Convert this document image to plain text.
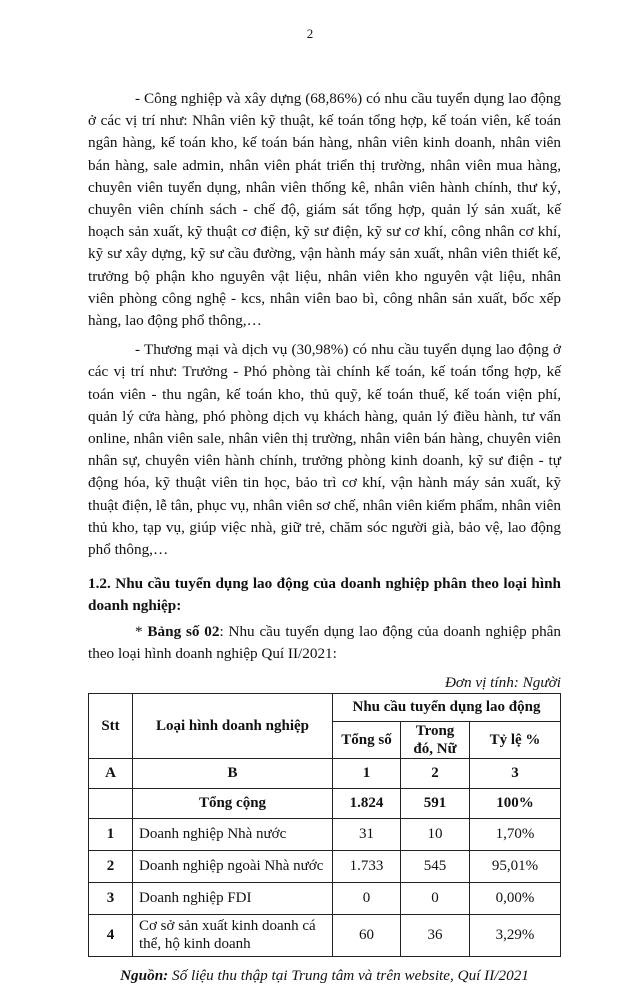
2

- Công nghiệp và xây dựng (68,86%) có nhu cầu tuyển dụng lao động ở các vị trí như: Nhân viên kỹ thuật, kế toán tổng hợp, kế toán viên, kế toán ngân hàng, kế toán kho, kế toán bán hàng, nhân viên kinh doanh, nhân viên bán hàng, sale admin, nhân viên phát triển thị trường, nhân viên mua hàng, chuyên viên tuyển dụng, nhân viên thống kê, nhân viên hành chính, thư ký, chuyên viên chính sách - chế độ, giám sát tổng hợp, quản lý sản xuất, kế hoạch sản xuất, kỹ thuật cơ điện, kỹ sư điện, kỹ sư cơ khí, công nhân cơ khí, kỹ sư xây dựng, kỹ sư cầu đường, vận hành máy sản xuất, nhân viên thiết kế, trưởng bộ phận kho nguyên vật liệu, nhân viên kho nguyên vật liệu, nhân viên phòng công nghệ - kcs, nhân viên bao bì, công nhân sản xuất, bốc xếp hàng, lao động phổ thông,…

- Thương mại và dịch vụ (30,98%) có nhu cầu tuyển dụng lao động ở các vị trí như: Trưởng - Phó phòng tài chính kế toán, kế toán tổng hợp, kế toán viên - thu ngân, kế toán kho, thủ quỹ, kế toán thuế, kế toán viện phí, quản lý cửa hàng, phó phòng dịch vụ khách hàng, quản lý điều hành, tư vấn online, nhân viên sale, nhân viên thị trường, nhân viên bán hàng, chuyên viên nhân sự, chuyên viên hành chính, trưởng phòng kinh doanh, kỹ sư điện - tự động hóa, kỹ thuật viên tin học, bảo trì cơ khí, vận hành máy sản xuất, kỹ thuật điện, lễ tân, phục vụ, nhân viên sơ chế, nhân viên kiểm phẩm, nhân viên thủ kho, tạp vụ, giúp việc nhà, giữ trẻ, chăm sóc người già, bảo vệ, lao động phổ thông,…

1.2. Nhu cầu tuyển dụng lao động của doanh nghiệp phân theo loại hình doanh nghiệp:

* Bảng số 02: Nhu cầu tuyển dụng lao động của doanh nghiệp phân theo loại hình doanh nghiệp Quí II/2021:

Đơn vị tính: Người
Stt	Loại hình doanh nghiệp	Nhu cầu tuyển dụng lao động		
		Tổng số	Trong đó, Nữ	Tỷ lệ %
A	B	1	2	3
	Tổng cộng	1.824	591	100%
1	Doanh nghiệp Nhà nước	31	10	1,70%
2	Doanh nghiệp ngoài Nhà nước	1.733	545	95,01%
3	Doanh nghiệp FDI	0	0	0,00%
4	Cơ sở sản xuất kinh doanh cá thể, hộ kinh doanh	60	36	3,29%
Nguồn: Số liệu thu thập tại Trung tâm và trên website, Quí II/2021
